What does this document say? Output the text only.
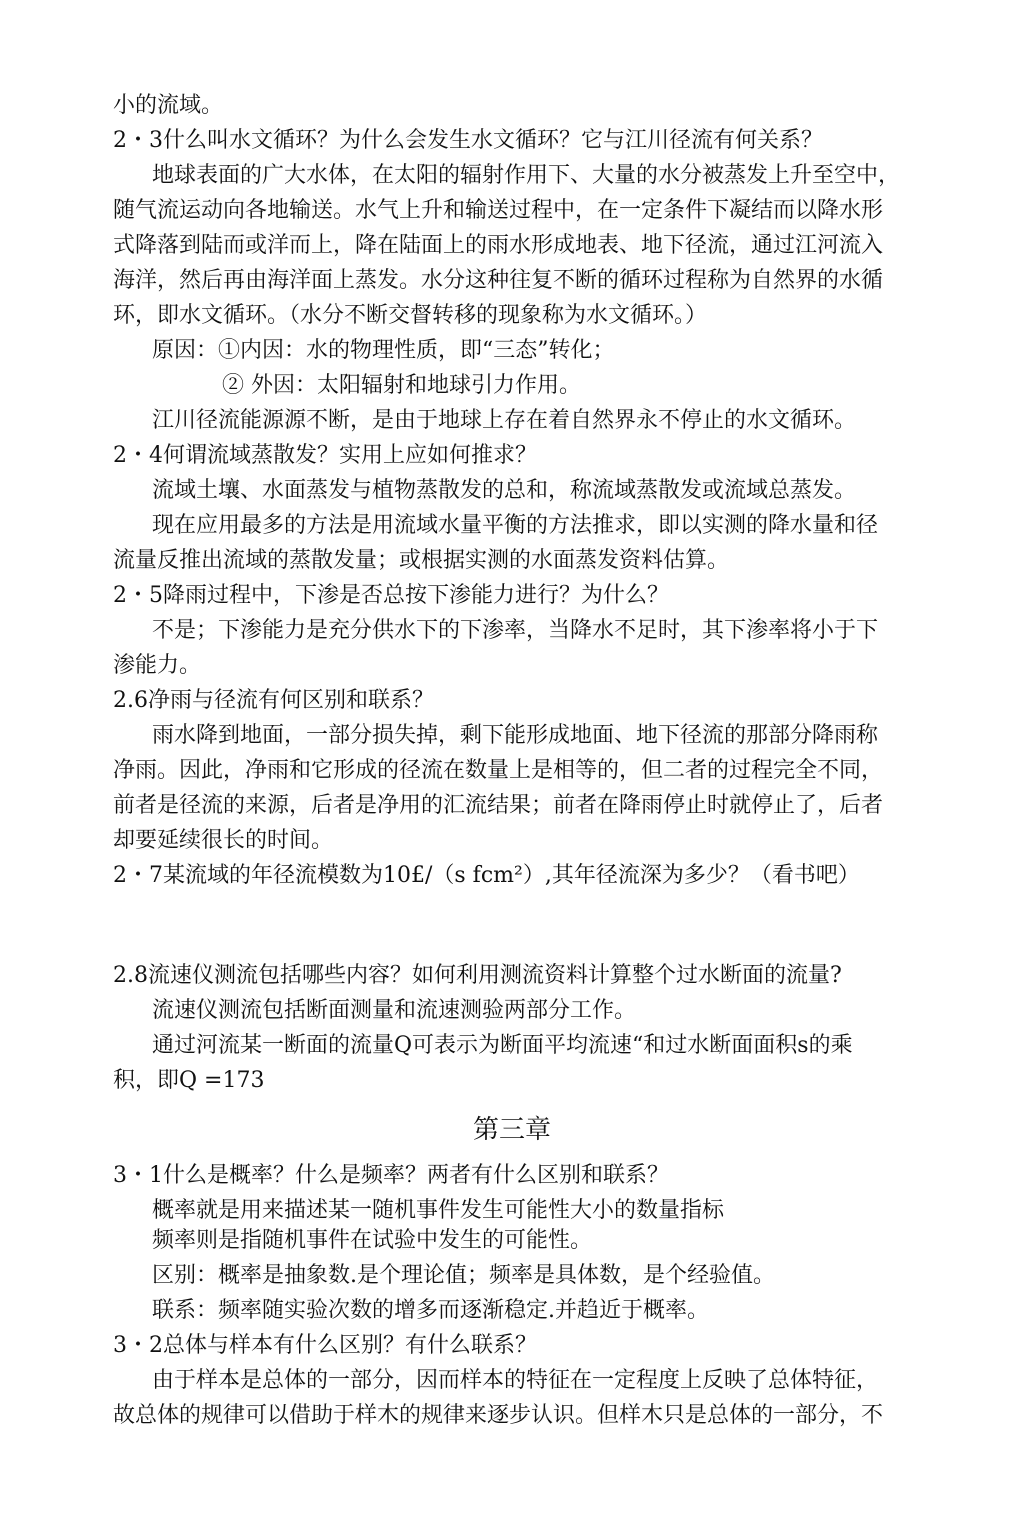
小的流域。
2・3什么叫水文循环？为什么会发生水文循环？它与江川径流有何关系？
地球表面的广大水体，在太阳的辐射作用下、大量的水分被蒸发上升至空中，
随气流运动向各地输送。水气上升和输送过程中，在一定条件下凝结而以降水形
式降落到陆而或洋而上，降在陆面上的雨水形成地表、地下径流，通过江河流入
海洋，然后再由海洋面上蒸发。水分这种往复不断的循环过程称为自然界的水循
环，即水文循环。（水分不断交督转移的现象称为水文循环。）
原因：①内因：水的物理性质，即“三态”转化；
② 外因：太阳辐射和地球引力作用。
江川径流能源源不断，是由于地球上存在着自然界永不停止的水文循环。
2・4何谓流域蒸散发？实用上应如何推求？
流域土壤、水面蒸发与植物蒸散发的总和，称流域蒸散发或流域总蒸发。
现在应用最多的方法是用流域水量平衡的方法推求，即以实测的降水量和径
流量反推出流域的蒸散发量；或根据实测的水面蒸发资料估算。
2・5降雨过程中，下渗是否总按下渗能力进行？为什么？
不是；下渗能力是充分供水下的下渗率，当降水不足时，其下渗率将小于下
渗能力。
2.6净雨与径流有何区别和联系？
雨水降到地面，一部分损失掉，剩下能形成地面、地下径流的那部分降雨称
净雨。因此，净雨和它形成的径流在数量上是相等的，但二者的过程完全不同，
前者是径流的来源，后者是净用的汇流结果；前者在降雨停止时就停止了，后者
却要延续很长的时间。
2・7某流域的年径流模数为10£/（s fcm²）,其年径流深为多少？（看书吧）
2.8流速仪测流包括哪些内容？如何利用测流资料计算整个过水断面的流量?
流速仪测流包括断面测量和流速测验两部分工作。
通过河流某一断面的流量Q可表示为断面平均流速“和过水断面面积s的乘
积，即Q =173
第三章
3・1什么是概率？什么是频率？两者有什么区别和联系？
概率就是用来描述某一随机事件发生可能性大小的数量指标
频率则是指随机事件在试验中发生的可能性。
区别：概率是抽象数.是个理论值；频率是具体数，是个经验值。
联系：频率随实验次数的增多而逐渐稳定.并趋近于概率。
3・2总体与样本有什么区别？有什么联系？
由于样本是总体的一部分，因而样本的特征在一定程度上反映了总体特征，
故总体的规律可以借助于样木的规律来逐步认识。但样木只是总体的一部分，不
